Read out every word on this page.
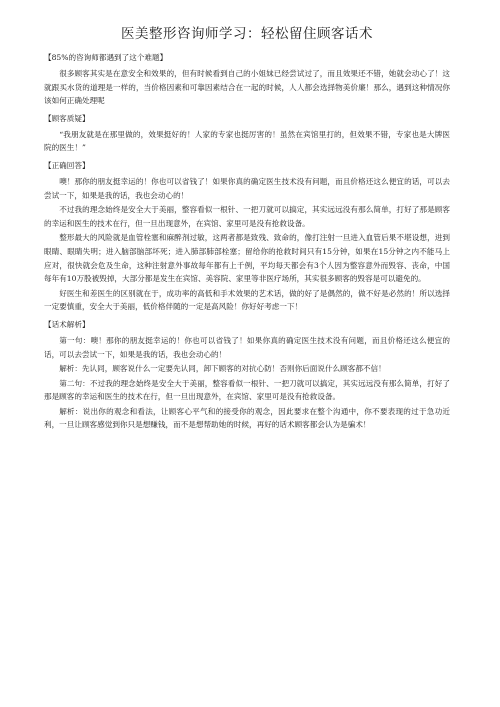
医美整形咨询师学习：轻松留住顾客话术
【85%的咨询师都遇到了这个难题】

很多顾客其实是在意安全和效果的，但有时候看到自己的小姐妹已经尝试过了，而且效果还不错，她就会动心了！这就跟买水货的道理是一样的，当价格因素和可靠因素结合在一起的时候，人人都会选择物美价廉！那么，遇到这种情况你该如何正确处理呢

【顾客质疑】

“我朋友就是在那里做的，效果挺好的！人家的专家也挺厉害的！虽然在宾馆里打的，但效果不错，专家也是大牌医院的医生！”

【正确回答】

噢！那你的朋友挺幸运的！你也可以省钱了！如果你真的确定医生技术没有问题，而且价格还这么便宜的话，可以去尝试一下，如果是我的话，我也会动心的！

不过我的理念始终是安全大于美丽，整容看似一根针、一把刀就可以搞定，其实远远没有那么简单，打好了那是顾客的幸运和医生的技术在行，但一旦出现意外，在宾馆、家里可是没有抢救设备。

整形最大的风险就是血管栓塞和麻醉剂过敏，这两者都是致残、致命的，像打注射一旦进入血管后果不堪设想，进到眼睛、眼睛失明；进入脑部脑部坏死；进入肺部肺部栓塞；留给你的抢救时间只有15分钟，如果在15分钟之内不能马上应对，很快就会危及生命，这种注射意外事故每年都有上千例，平均每天都会有3个人因为整容意外而毁容、丧命，中国每年有10万股被毁掉，大部分都是发生在宾馆、美容院、家里等非医疗场所，其实很多顾客的毁容是可以避免的。

好医生和差医生的区别就在于，成功率的高低和手术效果的艺术话，做的好了是偶然的，做不好是必然的！所以选择一定要慎重，安全大于美丽，低价格伴随的一定是高风险！你好好考虑一下！

【话术解析】

第一句：噢！那你的朋友挺幸运的！你也可以省钱了！如果你真的确定医生技术没有问题，而且价格还这么便宜的话，可以去尝试一下，如果是我的话，我也会动心的！

解析：先认同，顾客说什么一定要先认同，卸下顾客的对抗心防！否则你后面说什么顾客都不信！

第二句：不过我的理念始终是安全大于美丽，整容看似一根针、一把刀就可以搞定，其实远远没有那么简单，打好了那是顾客的幸运和医生的技术在行，但一旦出现意外，在宾馆、家里可是没有抢救设备。

解析：说出你的观念和看法，让顾客心平气和的接受你的观念，因此要求在整个沟通中，你不要表现的过于急功近利，一旦让顾客感觉到你只是想赚钱，而不是想帮助她的时候，再好的话术顾客都会认为是骗术！
